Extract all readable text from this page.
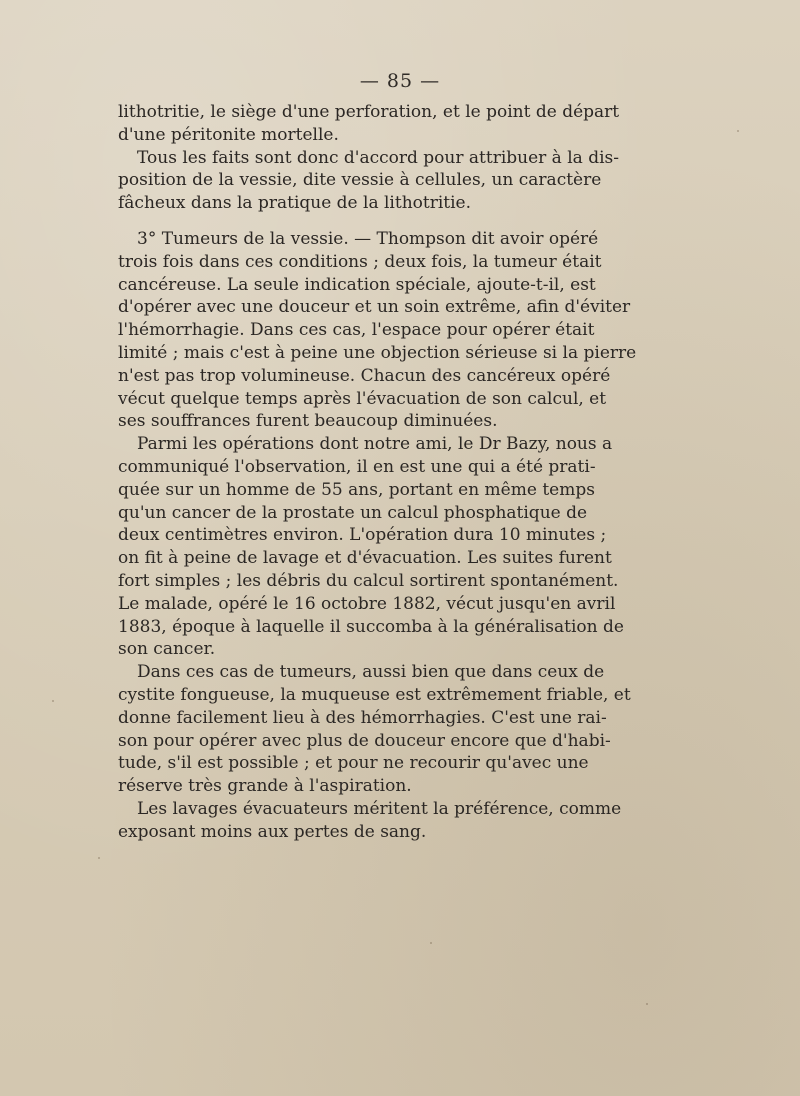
— 85 —
lithotritie, le siège d'une perforation, et le point de départ
d'une péritonite mortelle.
Tous les faits sont donc d'accord pour attribuer à la dis-
position de la vessie, dite vessie à cellules, un caractère
fâcheux dans la pratique de la lithotritie.
3° Tumeurs de la vessie. — Thompson dit avoir opéré
trois fois dans ces conditions ; deux fois, la tumeur était
cancéreuse. La seule indication spéciale, ajoute-t-il, est
d'opérer avec une douceur et un soin extrême, afin d'éviter
l'hémorrhagie. Dans ces cas, l'espace pour opérer était
limité ; mais c'est à peine une objection sérieuse si la pierre
n'est pas trop volumineuse. Chacun des cancéreux opéré
vécut quelque temps après l'évacuation de son calcul, et
ses souffrances furent beaucoup diminuées.
Parmi les opérations dont notre ami, le Dr Bazy, nous a
communiqué l'observation, il en est une qui a été prati-
quée sur un homme de 55 ans, portant en même temps
qu'un cancer de la prostate un calcul phosphatique de
deux centimètres environ. L'opération dura 10 minutes ;
on fit à peine de lavage et d'évacuation. Les suites furent
fort simples ; les débris du calcul sortirent spontanément.
Le malade, opéré le 16 octobre 1882, vécut jusqu'en avril
1883, époque à laquelle il succomba à la généralisation de
son cancer.
Dans ces cas de tumeurs, aussi bien que dans ceux de
cystite fongueuse, la muqueuse est extrêmement friable, et
donne facilement lieu à des hémorrhagies. C'est une rai-
son pour opérer avec plus de douceur encore que d'habi-
tude, s'il est possible ; et pour ne recourir qu'avec une
réserve très grande à l'aspiration.
Les lavages évacuateurs méritent la préférence, comme
exposant moins aux pertes de sang.
